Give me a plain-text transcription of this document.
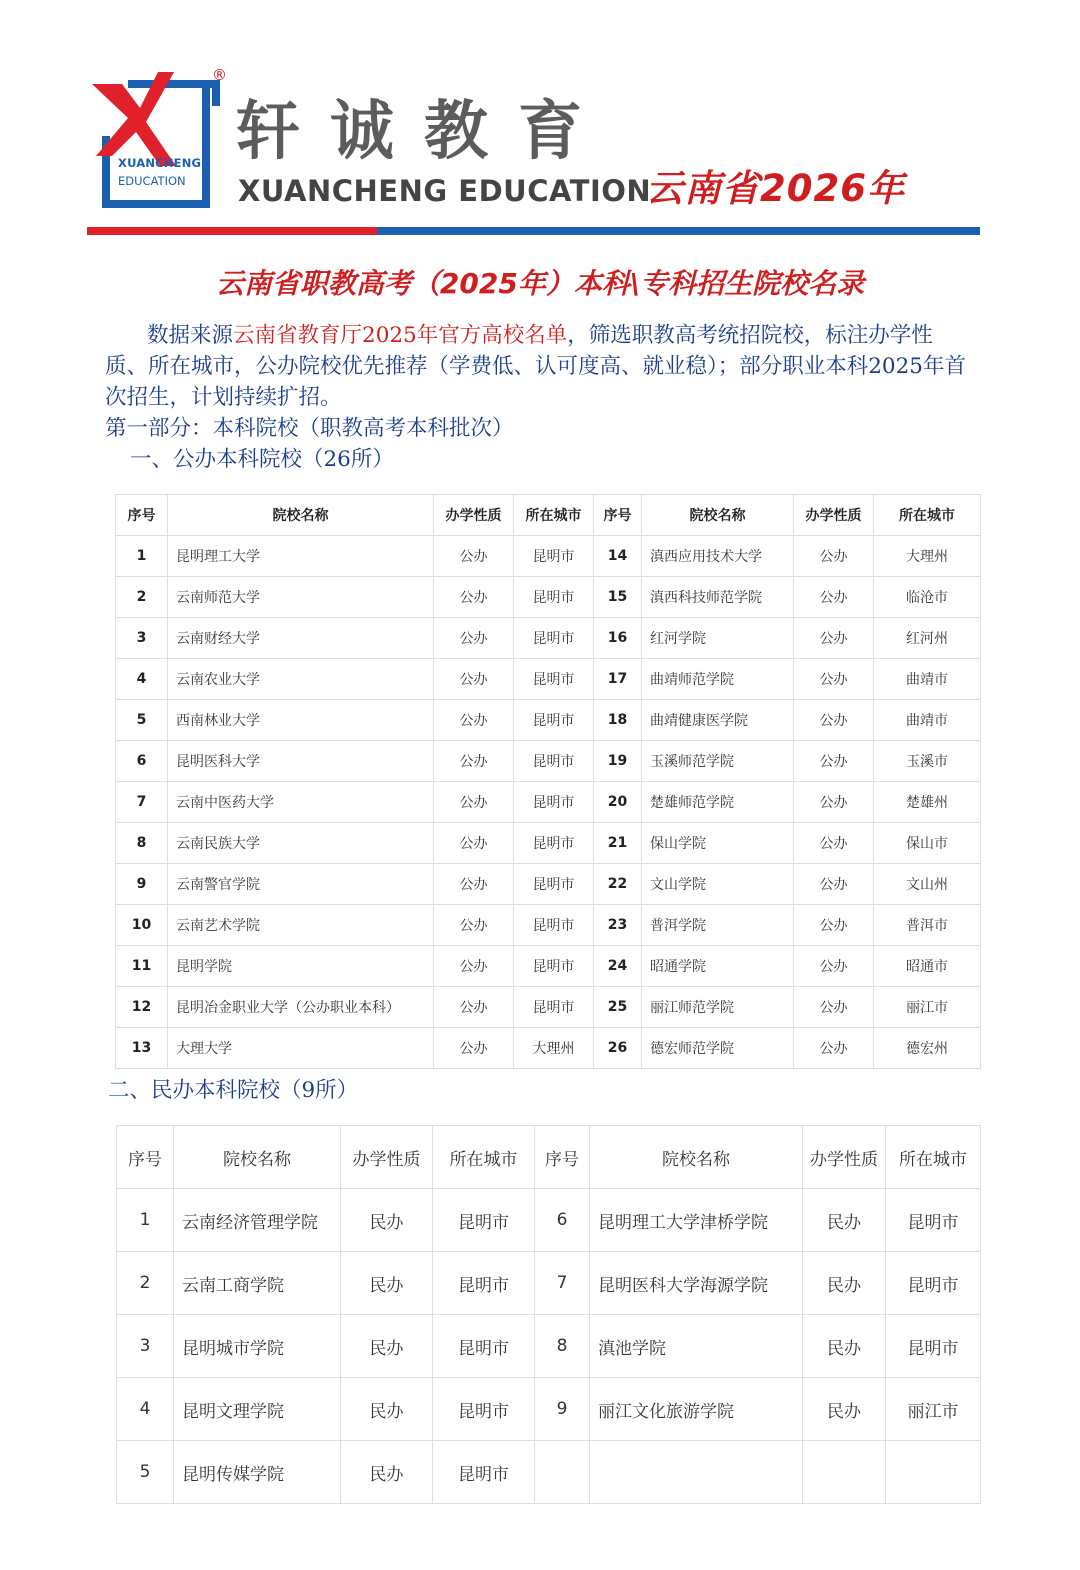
XUANCHENG
EDUCATION
®
轩诚教育
XUANCHENG EDUCATION
云南省2026年
云南省职教高考（2025年）本科\专科招生院校名录
数据来源云南省教育厅2025年官方高校名单，筛选职教高考统招院校，标注办学性质、所在城市，公办院校优先推荐（学费低、认可度高、就业稳）；部分职业本科2025年首次招生，计划持续扩招。
第一部分：本科院校（职教高考本科批次）
一、公办本科院校（26所）
序号	院校名称	办学性质	所在城市	序号	院校名称	办学性质	所在城市
1	昆明理工大学	公办	昆明市	14	滇西应用技术大学	公办	大理州
2	云南师范大学	公办	昆明市	15	滇西科技师范学院	公办	临沧市
3	云南财经大学	公办	昆明市	16	红河学院	公办	红河州
4	云南农业大学	公办	昆明市	17	曲靖师范学院	公办	曲靖市
5	西南林业大学	公办	昆明市	18	曲靖健康医学院	公办	曲靖市
6	昆明医科大学	公办	昆明市	19	玉溪师范学院	公办	玉溪市
7	云南中医药大学	公办	昆明市	20	楚雄师范学院	公办	楚雄州
8	云南民族大学	公办	昆明市	21	保山学院	公办	保山市
9	云南警官学院	公办	昆明市	22	文山学院	公办	文山州
10	云南艺术学院	公办	昆明市	23	普洱学院	公办	普洱市
11	昆明学院	公办	昆明市	24	昭通学院	公办	昭通市
12	昆明冶金职业大学（公办职业本科）	公办	昆明市	25	丽江师范学院	公办	丽江市
13	大理大学	公办	大理州	26	德宏师范学院	公办	德宏州
二、民办本科院校（9所）
序号	院校名称	办学性质	所在城市	序号	院校名称	办学性质	所在城市
1	云南经济管理学院	民办	昆明市	6	昆明理工大学津桥学院	民办	昆明市
2	云南工商学院	民办	昆明市	7	昆明医科大学海源学院	民办	昆明市
3	昆明城市学院	民办	昆明市	8	滇池学院	民办	昆明市
4	昆明文理学院	民办	昆明市	9	丽江文化旅游学院	民办	丽江市
5	昆明传媒学院	民办	昆明市				
